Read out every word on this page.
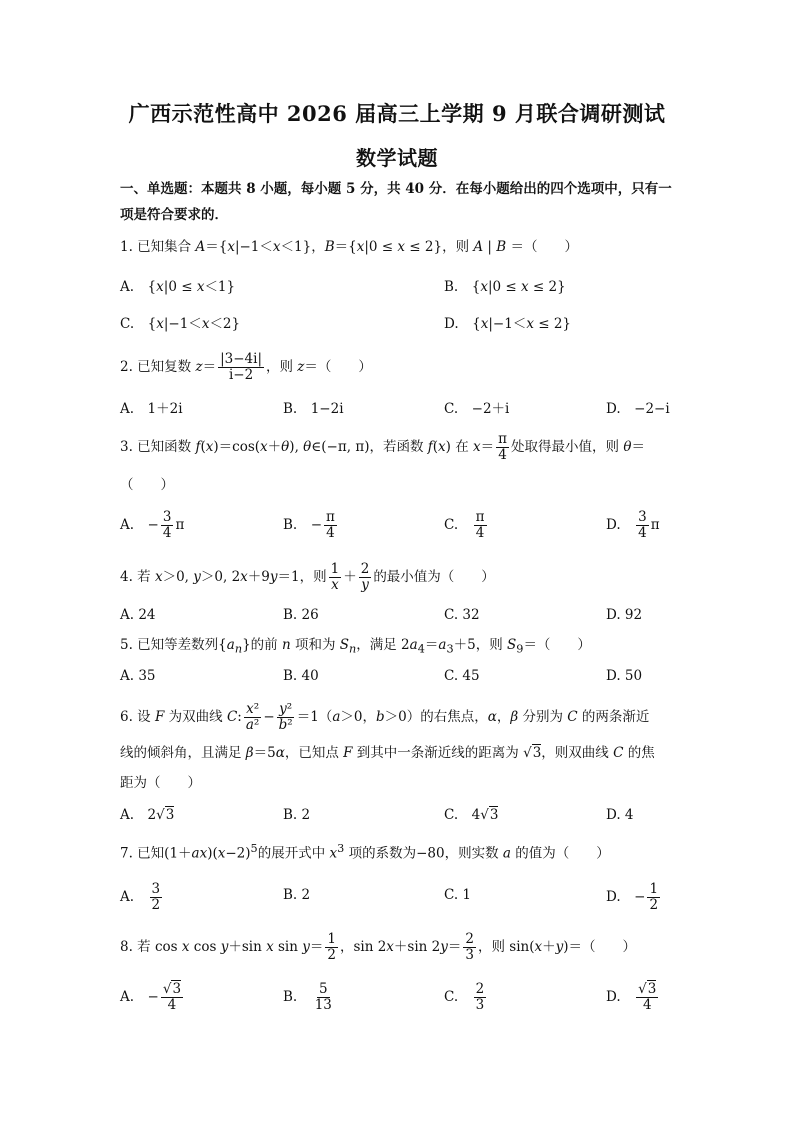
广西示范性高中 2026 届高三上学期 9 月联合调研测试
数学试题
一、单选题：本题共 8 小题，每小题 5 分，共 40 分．在每小题给出的四个选项中，只有一项是符合要求的．
1. 已知集合 A＝{x|−1＜x＜1}，B＝{x|0 ≤ x ≤ 2}，则 A | B ＝（　　）
A.　{x|0 ≤ x＜1}	B.　{x|0 ≤ x ≤ 2}
C.　{x|−1＜x＜2}	D.　{x|−1＜x ≤ 2}
2. 已知复数 $z= \frac{|3-4i|}{i-2}$ ，则 z＝（　　）
A.　1＋2i	B.　1−2i	C.　−2＋i	D.　−2−i
3. 已知函数 f(x)＝cos(x＋θ), θ∈(−π, π)，若函数 f(x) 在 $x= \frac{\pi}{4}$ 处取得最小值，则 θ＝
（　　）
A.　− $\frac{3}{4}$ π	B.　− $\frac{\pi}{4}$	C.　 $\frac{\pi}{4}$	D.　 $\frac{3}{4}$ π
4. 若 x＞0, y＞0, 2x＋9y＝1，则 $\frac{1}{x} + \frac{2}{y}$ 的最小值为（　　）
A. 24	B. 26	C. 32	D. 92
5. 已知等差数列$\{a_n\}$的前 n 项和为 $S_n$，满足 $2a_4=a_3+5$，则 $S_9=$（　　）
A. 35	B. 40	C. 45	D. 50
6. 设 F 为双曲线 C: $\frac{\text{x²}}{\text{a²}} - \frac{\text{y²}}{\text{b²}} =1(a>0$，b＞0）的右焦点，α，β 分别为 C 的两条渐近
线的倾斜角，且满足 β＝5α，已知点 F 到其中一条渐近线的距离为 √3，则双曲线 C 的焦
距为（　　）
A.　2√3	B. 2	C.　4√3	D. 4
7. 已知$(1+ax)(x-2)^5$的展开式中 $x^3$ 项的系数为−80，则实数 a 的值为（　　）
A.　 $\frac{3}{2}$	B. 2	C. 1	D.　− $\frac{1}{2}$
8. 若 cos x cos y＋sin x $\sin y= \frac{1}{2}$ ，sin 2x＋sin $2y= \frac{2}{3}$ ，则 sin(x＋y)＝（　　）
A.　− $\frac{√3}{4}$	B.　 $\frac{5}{13}$	C.　 $\frac{2}{3}$	D.　 $\frac{√3}{4}$
